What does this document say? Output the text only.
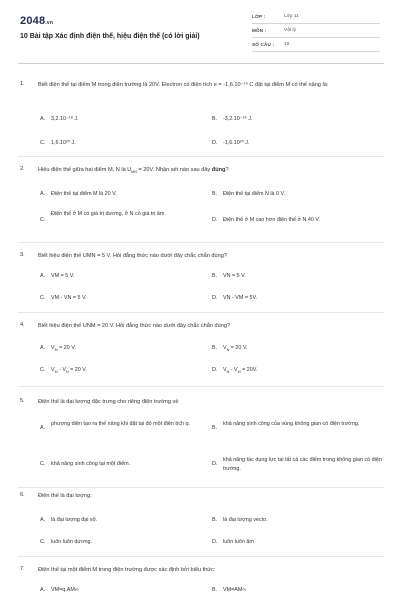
2048.vn
10 Bài tập Xác định điện thế, hiệu điện thế (có lời giải)
LỚP :	Lớp 11
MÔN :	Vật lý
SỐ CÂU : 10
1. Biết điện thế tại điểm M trong điện trường là 20V. Electron có điện tích e = -1,6.10⁻¹⁹ C đặt tại điểm M có thế năng là:
A. 3,2.10⁻¹⁸ J.	B. -3,2.10⁻¹⁸ J.
C. 1,6.10²⁰ J.	D. -1,6.10²⁰ J.
2. Hiệu điện thế giữa hai điểm M, N là $U_{MN} = 20V$. Nhận xét nào sau đây đúng?
A. Điện thế tại điểm M là 20 V.	B. Điện thế tại điểm N là 0 V.
C.
Điện thế ở M có giá trị dương, ở N có giá trị âm.
D. Điện thế ở M cao hơn điện thế ở N 40 V.
3. Biết hiệu điện thế UMN = 5 V. Hỏi đẳng thức nào dưới đây chắc chắn đúng?
A. VM = 5 V.	B. VN = 5 V.
C. VM - VN = 5 V.	D. VN - VM = 5V.
4. Biết hiệu điện thế UNM = 20 V. Hỏi đẳng thức nào dưới đây chắc chắn đúng?
A. $V_M = 20$ V.	B. $V_N = 20$ V.
C. $V_M - V_N = 20$ V.	D. $V_N - V_M = 20V$.
5. Điện thế là đại lượng đặc trưng cho riêng điện trường về
A.
phương diện tạo ra thế năng khi đặt tại đó một điện tích q.
B.
khả năng sinh công của vùng không gian có điện trường.
C. khả năng sinh công tại một điểm.	D.
khả năng tác dụng lực tại tất cả các điểm trong không gian có điện trường.
6. Điện thế là đại lượng:
A. là đại lượng đại số.	B. là đại lượng vecto.
C. luôn luôn dương.	D. luôn luôn âm
7. Điện thế tại một điểm M trong điện trường được xác định bởi biểu thức:
A. VM=q.AM∞	B. VM=AM∞
